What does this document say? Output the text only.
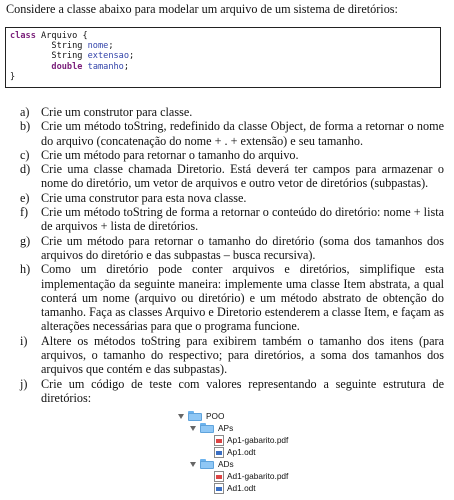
Considere a classe abaixo para modelar um arquivo de um sistema de diretórios:
class Arquivo {
String nome;
String extensao;
double tamanho;
}
a) Crie um construtor para classe.
b) Crie um método toString, redefinido da classe Object, de forma a retornar o nome do arquivo (concatenação do nome + . + extensão) e seu tamanho.
c) Crie um método para retornar o tamanho do arquivo.
d) Crie uma classe chamada Diretorio. Está deverá ter campos para armazenar o nome do diretório, um vetor de arquivos e outro vetor de diretórios (subpastas).
e) Crie uma construtor para esta nova classe.
f)	Crie um método toString de forma a retornar o conteúdo do diretório: nome + lista de arquivos + lista de diretórios.
g) Crie um método para retornar o tamanho do diretório (soma dos tamanhos dos arquivos do diretório e das subpastas – busca recursiva).
h) Como um diretório pode conter arquivos e diretórios, simplifique esta implementação da seguinte maneira: implemente uma classe Item abstrata, a qual conterá um nome (arquivo ou diretório) e um método abstrato de obtenção do tamanho. Faça as classes Arquivo e Diretorio estenderem a classe Item, e façam as alterações necessárias para que o programa funcione.
i)	Altere os métodos toString para exibirem também o tamanho dos itens (para arquivos, o tamanho do respectivo; para diretórios, a soma dos tamanhos dos arquivos que contém e das subpastas).
j)	Crie um código de teste com valores representando a seguinte estrutura de diretórios:
POO
APs
Ap1-gabarito.pdf
Ap1.odt
ADs
Ad1-gabarito.pdf
Ad1.odt
